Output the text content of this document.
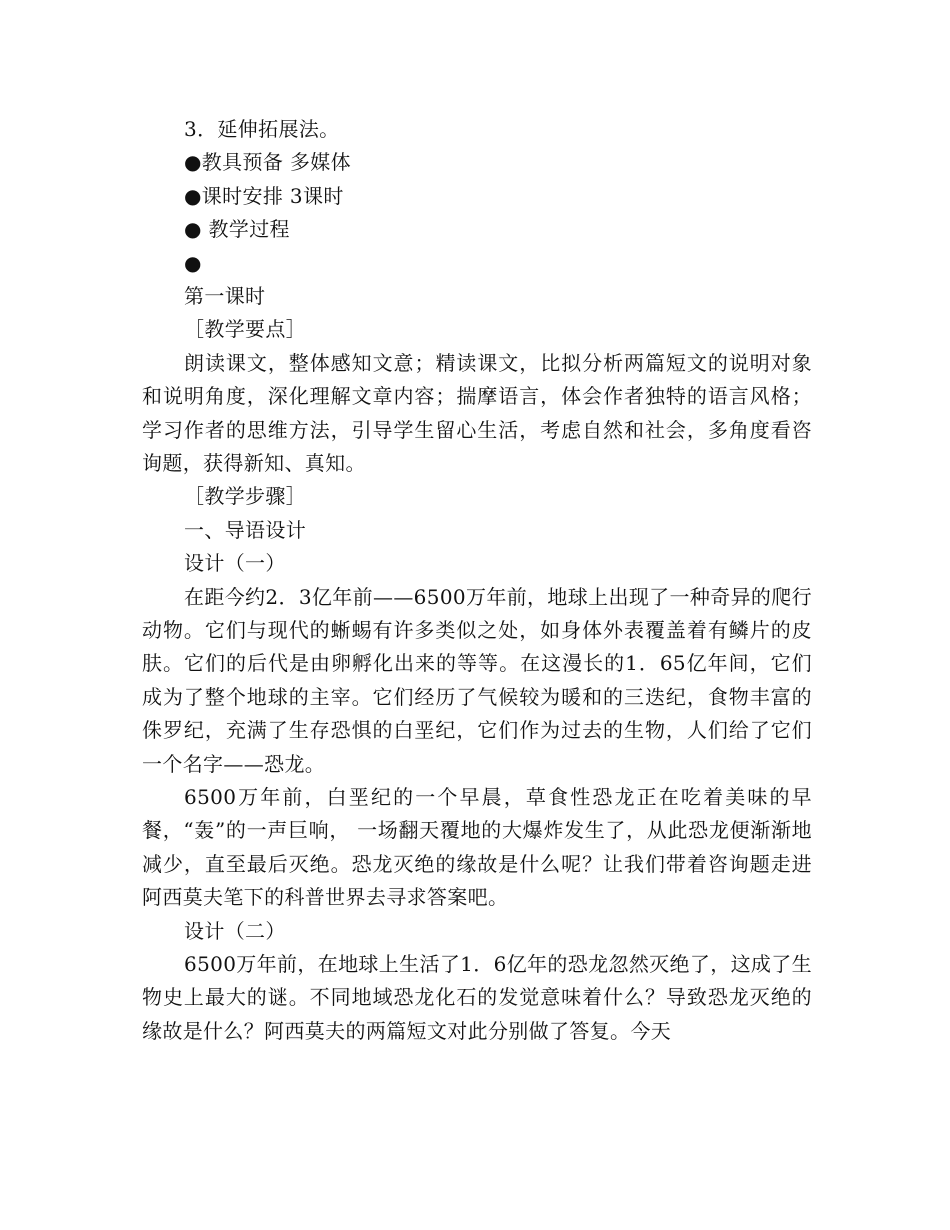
3．延伸拓展法。
●教具预备 多媒体
●课时安排 3课时
● 教学过程
●
第一课时
［教学要点］
朗读课文，整体感知文意；精读课文，比拟分析两篇短文的说明对象和说明角度，深化理解文章内容；揣摩语言，体会作者独特的语言风格；学习作者的思维方法，引导学生留心生活，考虑自然和社会，多角度看咨询题，获得新知、真知。
［教学步骤］
一、导语设计
设计（一）
在距今约2．3亿年前——6500万年前，地球上出现了一种奇异的爬行动物。它们与现代的蜥蜴有许多类似之处，如身体外表覆盖着有鳞片的皮肤。它们的后代是由卵孵化出来的等等。在这漫长的1．65亿年间，它们成为了整个地球的主宰。它们经历了气候较为暖和的三迭纪，食物丰富的侏罗纪，充满了生存恐惧的白垩纪，它们作为过去的生物，人们给了它们一个名字——恐龙。
6500万年前，白垩纪的一个早晨，草食性恐龙正在吃着美味的早餐，“轰”的一声巨响， 一场翻天覆地的大爆炸发生了，从此恐龙便渐渐地减少，直至最后灭绝。恐龙灭绝的缘故是什么呢？让我们带着咨询题走进阿西莫夫笔下的科普世界去寻求答案吧。
设计（二）
6500万年前，在地球上生活了1．6亿年的恐龙忽然灭绝了，这成了生物史上最大的谜。不同地域恐龙化石的发觉意味着什么？导致恐龙灭绝的缘故是什么？阿西莫夫的两篇短文对此分别做了答复。今天
